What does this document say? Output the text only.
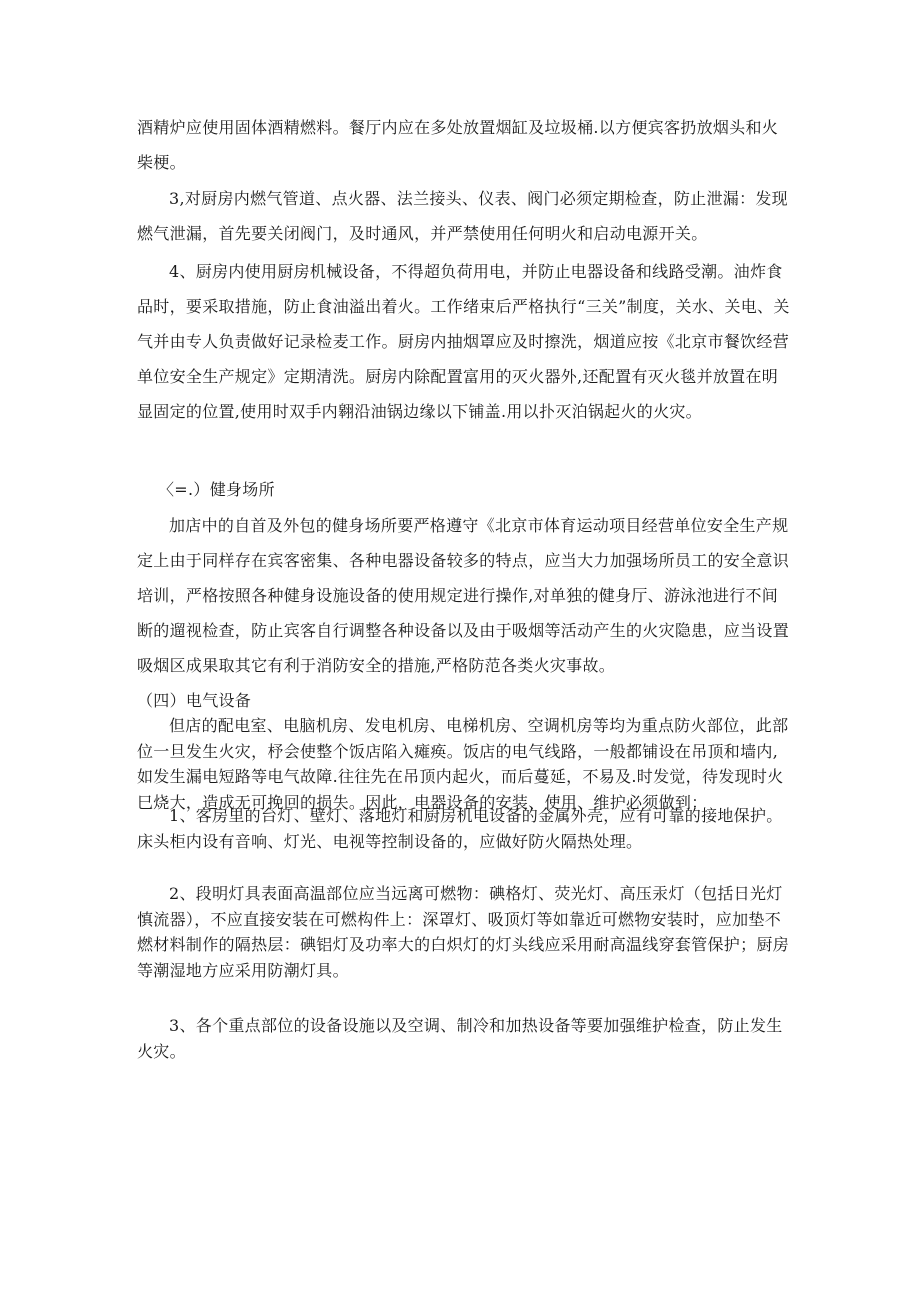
酒精炉应使用固体酒精燃料。餐厅内应在多处放置烟缸及垃圾桶.以方便宾客扔放烟头和火柴梗。

3,对厨房内燃气管道、点火器、法兰接头、仪表、阀门必须定期检查，防止泄漏：发现燃气泄漏，首先要关闭阀门，及时通风，并严禁使用任何明火和启动电源开关。

4、厨房内使用厨房机械设备，不得超负荷用电，并防止电器设备和线路受潮。油炸食品时，要采取措施，防止食油溢出着火。工作绪束后严格执行“三关”制度，关水、关电、关气并由专人负责做好记录检麦工作。厨房内抽烟罩应及时擦洗，烟道应按《北京市餐饮经营单位安全生产规定》定期清洗。厨房内除配置富用的灭火器外,还配置有灭火毯并放置在明显固定的位置,使用时双手内翱沿油锅边缘以下铺盖.用以扑灭泊锅起火的火灾。

〈=.）健身场所

加店中的自首及外包的健身场所要严格遵守《北京市体育运动项目经营单位安全生产规定上由于同样存在宾客密集、各种电器设备较多的特点，应当大力加强场所员工的安全意识培训，严格按照各种健身设施设备的使用规定进行操作,对单独的健身厅、游泳池进行不间断的遛视检查，防止宾客自行调整各种设备以及由于吸烟等活动产生的火灾隐患，应当设置吸烟区成果取其它有利于消防安全的措施,严格防范各类火灾事故。

（四）电气设备

但店的配电室、电脑机房、发电机房、电梯机房、空调机房等均为重点防火部位，此部位一旦发生火灾，杼会使整个饭店陷入瘫痪。饭店的电气线路，一般都铺设在吊顶和墙内,如发生漏电短路等电气故障.往往先在吊顶内起火，而后蔓延，不易及.时发觉，待发现时火巳烧大，造成无可挽回的损失。因此，电器设备的安装、使用、维护必须做到：

1、客房里的台灯、壁灯、落地灯和厨房机电设备的金属外壳，应有可靠的接地保护。床头柜内设有音响、灯光、电视等控制设备的，应做好防火隔热处理。

2、段明灯具表面高温部位应当远离可燃物：碘格灯、荧光灯、高压汞灯（包括日光灯慎流器），不应直接安装在可燃构件上：深罩灯、吸顶灯等如靠近可燃物安装时，应加垫不燃材料制作的隔热层：碘铝灯及功率大的白炽灯的灯头线应采用耐高温线穿套管保护；厨房等潮湿地方应采用防潮灯具。

3、各个重点部位的设备设施以及空调、制冷和加热设备等要加强维护检查，防止发生火灾。
